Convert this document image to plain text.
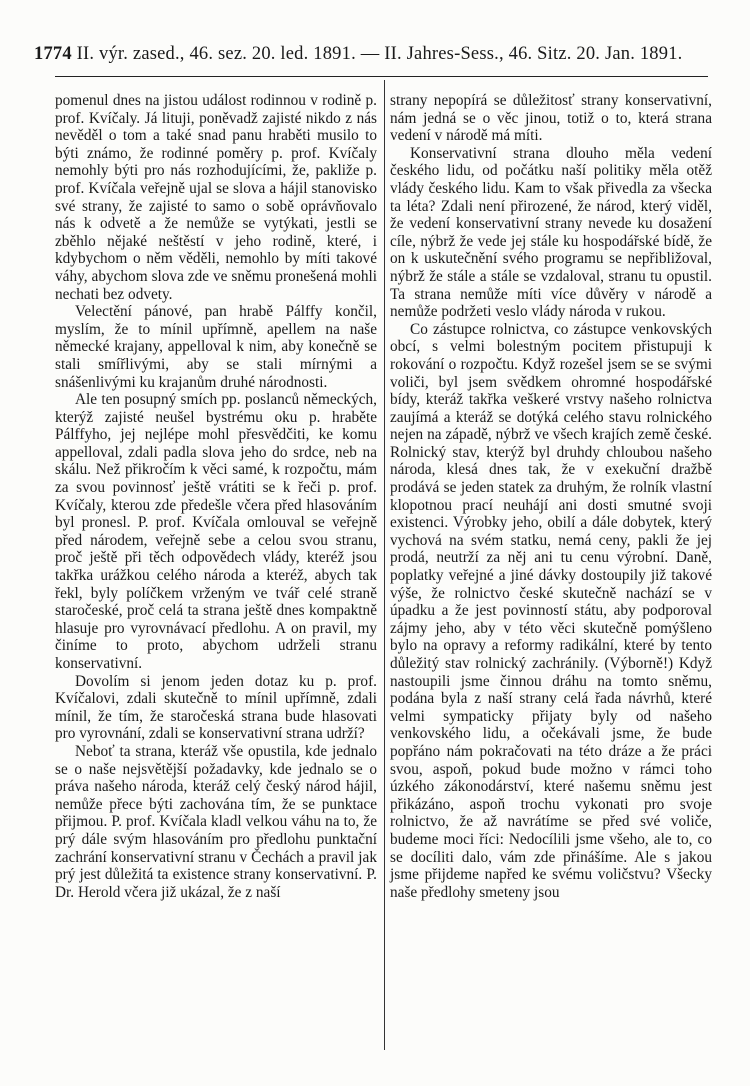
1774 II. výr. zased., 46. sez. 20. led. 1891. — II. Jahres-Sess., 46. Sitz. 20. Jan. 1891.

pomenul dnes na jistou událost rodinnou v rodině p. prof. Kvíčaly. Já lituji, poněvadž zajisté nikdo z nás nevěděl o tom a také snad panu hraběti musilo to býti známo, že rodinné poměry p. prof. Kvíčaly nemohly býti pro nás rozhodujícími, že, pakliže p. prof. Kvíčala veřejně ujal se slova a hájil stanovisko své strany, že zajisté to samo o sobě oprávňovalo nás k odvetě a že nemůže se vytýkati, jestli se zběhlo nějaké neštěstí v jeho rodině, které, i kdybychom o něm věděli, nemohlo by míti takové váhy, abychom slova zde ve sněmu pronešená mohli nechati bez odvety.

Velectění pánové, pan hrabě Pálffy končil, myslím, že to mínil upřímně, apellem na naše německé krajany, appelloval k nim, aby konečně se stali smířlivými, aby se stali mírnými a snášenlivými ku krajanům druhé národnosti.

Ale ten posupný smích pp. poslanců německých, kterýž zajisté neušel bystrému oku p. hraběte Pálffyho, jej nejlépe mohl přesvědčiti, ke komu appelloval, zdali padla slova jeho do srdce, neb na skálu. Než přikročím k věci samé, k rozpočtu, mám za svou povinnosť ještě vrátiti se k řeči p. prof. Kvíčaly, kterou zde předešle včera před hlasováním byl pronesl. P. prof. Kvíčala omlouval se veřejně před národem, veřejně sebe a celou svou stranu, proč ještě při těch odpovědech vlády, kteréž jsou takřka urážkou celého národa a kteréž, abych tak řekl, byly políčkem vrženým ve tvář celé straně staročeské, proč celá ta strana ještě dnes kompaktně hlasuje pro vyrovnávací předlohu. A on pravil, my činíme to proto, abychom udrželi stranu konservativní.

Dovolím si jenom jeden dotaz ku p. prof. Kvíčalovi, zdali skutečně to mínil upřímně, zdali mínil, že tím, že staročeská strana bude hlasovati pro vyrovnání, zdali se konservativní strana udrží?

Neboť ta strana, kteráž vše opustila, kde jednalo se o naše nejsvětější požadavky, kde jednalo se o práva našeho národa, kteráž celý český národ hájil, nemůže přece býti zachována tím, že se punktace přijmou. P. prof. Kvíčala kladl velkou váhu na to, že prý dále svým hlasováním pro předlohu punktační zachrání konservativní stranu v Čechách a pravil jak prý jest důležitá ta existence strany konservativní. P. Dr. Herold včera již ukázal, že z naší

strany nepopírá se důležitosť strany konservativní, nám jedná se o věc jinou, totiž o to, která strana vedení v národě má míti.

Konservativní strana dlouho měla vedení českého lidu, od počátku naší politiky měla otěž vlády českého lidu. Kam to však přivedla za všecka ta léta? Zdali není přirozené, že národ, který viděl, že vedení konservativní strany nevede ku dosažení cíle, nýbrž že vede jej stále ku hospodářské bídě, že on k uskutečnění svého programu se nepřibližoval, nýbrž že stále a stále se vzdaloval, stranu tu opustil. Ta strana nemůže míti více důvěry v národě a nemůže podržeti veslo vlády národa v rukou.

Co zástupce rolnictva, co zástupce venkovských obcí, s velmi bolestným pocitem přistupuji k rokování o rozpočtu. Když rozešel jsem se se svými voliči, byl jsem svědkem ohromné hospodářské bídy, kteráž takřka veškeré vrstvy našeho rolnictva zaujímá a kteráž se dotýká celého stavu rolnického nejen na západě, nýbrž ve všech krajích země české. Rolnický stav, kterýž byl druhdy chloubou našeho národa, klesá dnes tak, že v exekuční dražbě prodává se jeden statek za druhým, že rolník vlastní klopotnou prací neuhájí ani dosti smutné svoji existenci. Výrobky jeho, obilí a dále dobytek, který vychová na svém statku, nemá ceny, pakli že jej prodá, neutrží za něj ani tu cenu výrobní. Daně, poplatky veřejné a jiné dávky dostoupily již takové výše, že rolnictvo české skutečně nachází se v úpadku a že jest povinností státu, aby podporoval zájmy jeho, aby v této věci skutečně pomýšleno bylo na opravy a reformy radikální, které by tento důležitý stav rolnický zachránily. (Výborně!) Když nastoupili jsme činnou dráhu na tomto sněmu, podána byla z naší strany celá řada návrhů, které velmi sympaticky přijaty byly od našeho venkovského lidu, a očekávali jsme, že bude popřáno nám pokračovati na této dráze a že práci svou, aspoň, pokud bude možno v rámci toho úzkého zákonodárství, které našemu sněmu jest přikázáno, aspoň trochu vykonati pro svoje rolnictvo, že až navrátíme se před své voliče, budeme moci říci: Nedocílili jsme všeho, ale to, co se docíliti dalo, vám zde přinášíme. Ale s jakou jsme přijdeme napřed ke svému voličstvu? Všecky naše předlohy smeteny jsou
